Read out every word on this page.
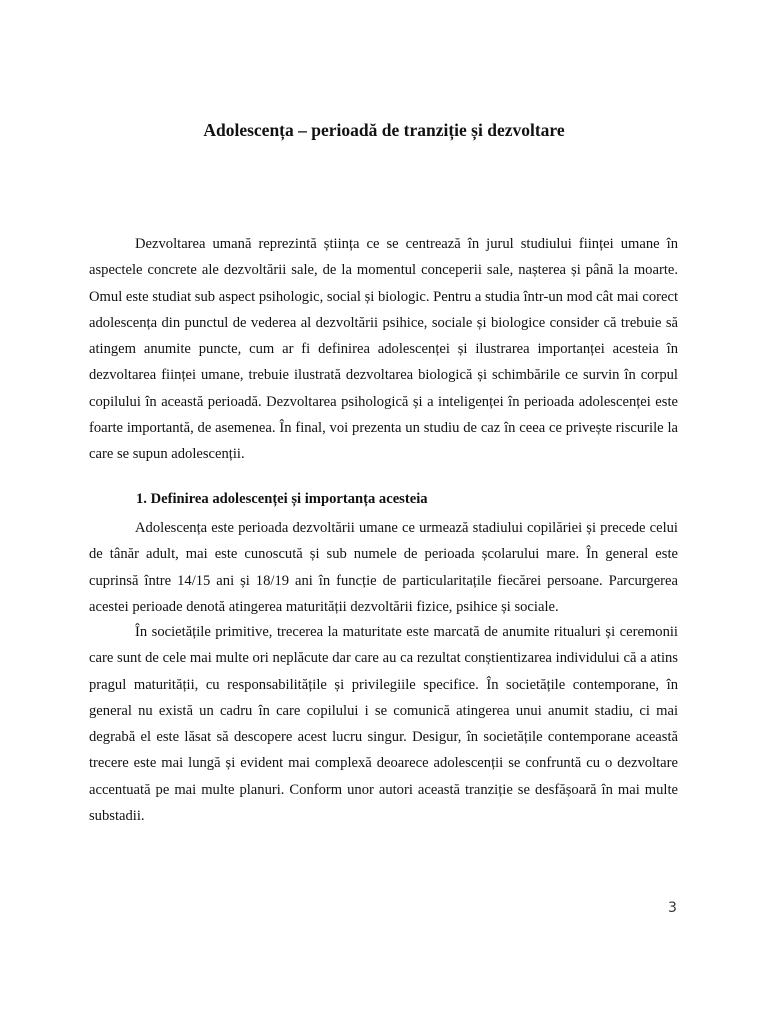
Adolescența – perioadă de tranziție și dezvoltare

Dezvoltarea umană reprezintă știința ce se centrează în jurul studiului ființei umane în aspectele concrete ale dezvoltării sale, de la momentul conceperii sale, nașterea și până la moarte. Omul este studiat sub aspect psihologic, social și biologic. Pentru a studia într-un mod cât mai corect adolescența din punctul de vederea al dezvoltării psihice, sociale și biologice consider că trebuie să atingem anumite puncte, cum ar fi definirea adolescenței și ilustrarea importanței acesteia în dezvoltarea ființei umane, trebuie ilustrată dezvoltarea biologică și schimbările ce survin în corpul copilului în această perioadă. Dezvoltarea psihologică și a inteligenței în perioada adolescenței este foarte importantă, de asemenea. În final, voi prezenta un studiu de caz în ceea ce privește riscurile la care se supun adolescenții.

1. Definirea adolescenței și importanța acesteia

Adolescența este perioada dezvoltării umane ce urmează stadiului copilăriei și precede celui de tânăr adult, mai este cunoscută și sub numele de perioada școlarului mare. În general este cuprinsă între 14/15 ani și 18/19 ani în funcție de particularitațile fiecărei persoane. Parcurgerea acestei perioade denotă atingerea maturității dezvoltării fizice, psihice și sociale.

În societățile primitive, trecerea la maturitate este marcată de anumite ritualuri și ceremonii care sunt de cele mai multe ori neplăcute dar care au ca rezultat conștientizarea individului că a atins pragul maturității, cu responsabilitățile și privilegiile specifice. În societățile contemporane, în general nu există un cadru în care copilului i se comunică atingerea unui anumit stadiu, ci mai degrabă el este lăsat să descopere acest lucru singur. Desigur, în societățile contemporane această trecere este mai lungă și evident mai complexă deoarece adolescenții se confruntă cu o dezvoltare accentuată pe mai multe planuri. Conform unor autori această tranziție se desfășoară în mai multe substadii.

3
